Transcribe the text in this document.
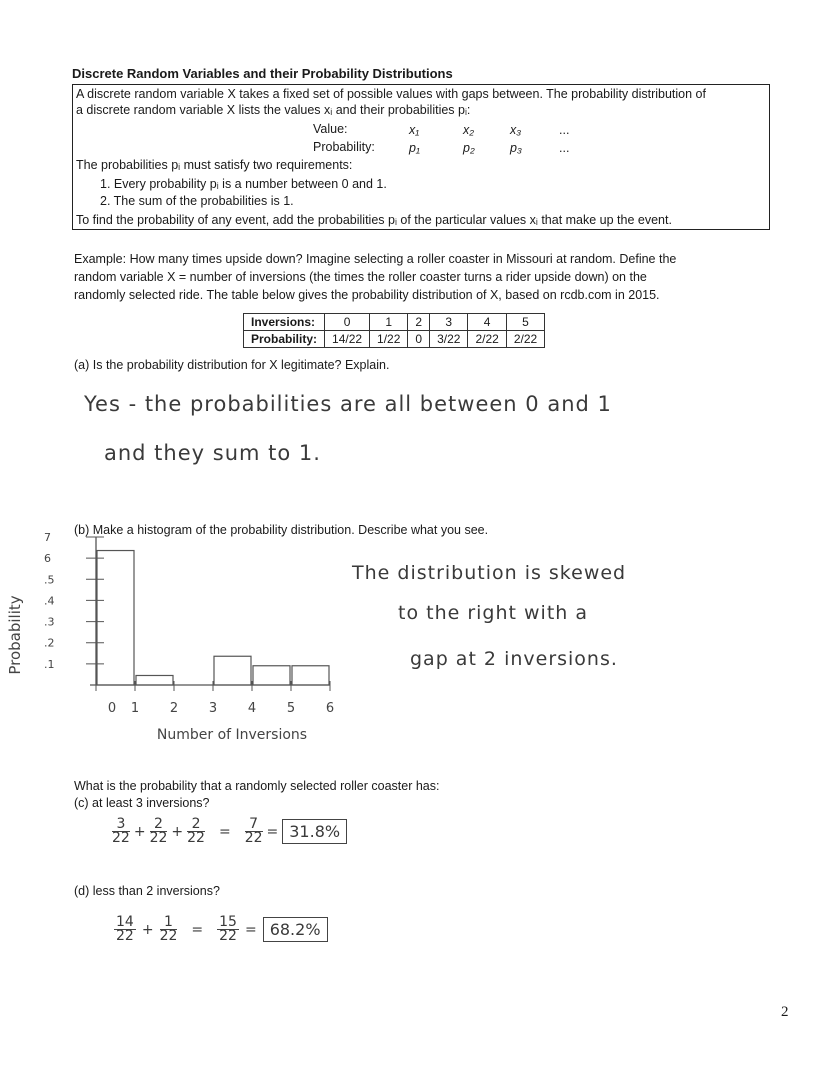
Discrete Random Variables and their Probability Distributions
A discrete random variable X takes a fixed set of possible values with gaps between. The probability distribution of
a discrete random variable X lists the values xᵢ and their probabilities pᵢ:
Value:	x₁	x₂	x₃	...
Probability:	p₁	p₂	p₃	...
The probabilities pᵢ must satisfy two requirements:
1. Every probability pᵢ is a number between 0 and 1.
2. The sum of the probabilities is 1.
To find the probability of any event, add the probabilities pᵢ of the particular values xᵢ that make up the event.
Example: How many times upside down? Imagine selecting a roller coaster in Missouri at random. Define the
random variable X = number of inversions (the times the roller coaster turns a rider upside down) on the
randomly selected ride. The table below gives the probability distribution of X, based on rcdb.com in 2015.
Inversions:	0	1	2	3	4	5
Probability:	14/22	1/22	0	3/22	2/22	2/22
(a) Is the probability distribution for X legitimate? Explain.
Yes - the probabilities are all between 0 and 1
and they sum to 1.
(b) Make a histogram of the probability distribution. Describe what you see.
7
6
.5
.4
.3
.2
.1
0 1 2 3 4 5 6
Probability
Number of Inversions
The distribution is skewed
to the right with a
gap at 2 inversions.
What is the probability that a randomly selected roller coaster has:
(c) at least 3 inversions?
$\frac{3}{22} + \frac{2}{22} + \frac{2}{22} = \frac{7}{22} = 31.8\%$
(d) less than 2 inversions?
$\frac{14}{22} + \frac{1}{22} = \frac{15}{22} = 68.2\%$
2
